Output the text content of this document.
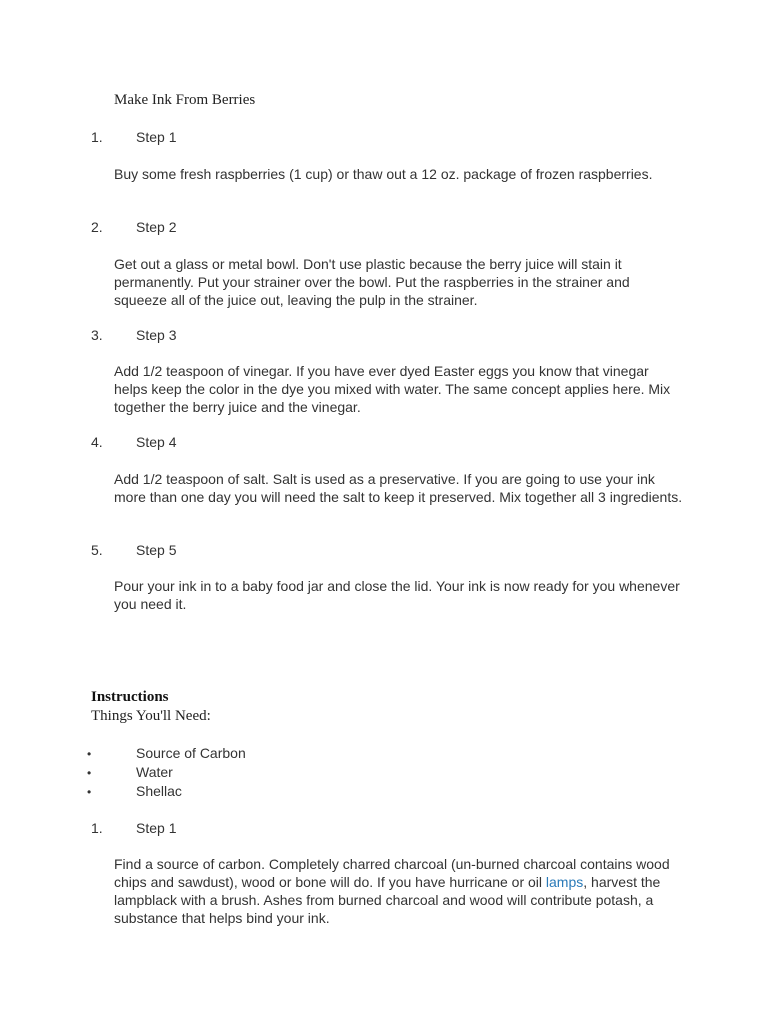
Make Ink From Berries
1. Step 1
Buy some fresh raspberries (1 cup) or thaw out a 12 oz. package of frozen raspberries.
2. Step 2
Get out a glass or metal bowl. Don't use plastic because the berry juice will stain it permanently. Put your strainer over the bowl. Put the raspberries in the strainer and squeeze all of the juice out, leaving the pulp in the strainer.
3. Step 3
Add 1/2 teaspoon of vinegar. If you have ever dyed Easter eggs you know that vinegar helps keep the color in the dye you mixed with water. The same concept applies here. Mix together the berry juice and the vinegar.
4. Step 4
Add 1/2 teaspoon of salt. Salt is used as a preservative. If you are going to use your ink more than one day you will need the salt to keep it preserved. Mix together all 3 ingredients.
5. Step 5
Pour your ink in to a baby food jar and close the lid. Your ink is now ready for you whenever you need it.
Instructions
Things You'll Need:
•	Source of Carbon
•	Water
•	Shellac
1. Step 1
Find a source of carbon. Completely charred charcoal (un-burned charcoal contains wood chips and sawdust), wood or bone will do. If you have hurricane or oil lamps, harvest the lampblack with a brush. Ashes from burned charcoal and wood will contribute potash, a substance that helps bind your ink.
